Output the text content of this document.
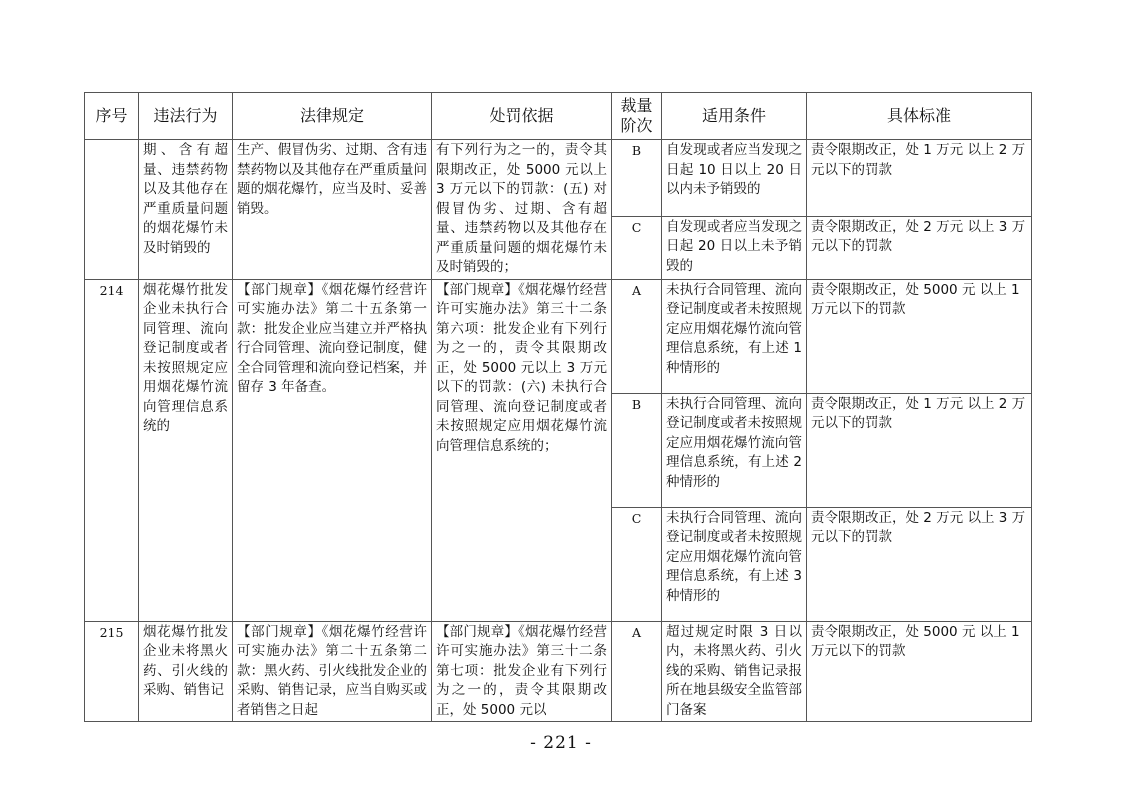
序号	违法行为	法律规定	处罚依据	裁量阶次	适用条件	具体标准
	期、含有超量、违禁药物以及其他存在严重质量问题的烟花爆竹未及时销毁的	生产、假冒伪劣、过期、含有违禁药物以及其他存在严重质量问题的烟花爆竹，应当及时、妥善销毁。	有下列行为之一的，责令其限期改正，处 5000 元以上 3 万元以下的罚款：(五) 对假冒伪劣、过期、含有超量、违禁药物以及其他存在严重质量问题的烟花爆竹未及时销毁的；	B	自发现或者应当发现之日起 10 日以上 20 日以内未予销毁的	责令限期改正，处 1 万元 以上 2 万元以下的罚款
				C	自发现或者应当发现之日起 20 日以上未予销毁的	责令限期改正，处 2 万元 以上 3 万元以下的罚款
214	烟花爆竹批发企业未执行合同管理、流向登记制度或者未按照规定应用烟花爆竹流向管理信息系统的	【部门规章】《烟花爆竹经营许可实施办法》第二十五条第一款：批发企业应当建立并严格执行合同管理、流向登记制度，健全合同管理和流向登记档案，并留存 3 年备查。	【部门规章】《烟花爆竹经营许可实施办法》第三十二条第六项：批发企业有下列行为之一的，责令其限期改正，处 5000 元以上 3 万元以下的罚款：(六) 未执行合同管理、流向登记制度或者未按照规定应用烟花爆竹流向管理信息系统的；	A	未执行合同管理、流向登记制度或者未按照规定应用烟花爆竹流向管理信息系统，有上述 1 种情形的	责令限期改正，处 5000 元 以上 1 万元以下的罚款
				B	未执行合同管理、流向登记制度或者未按照规定应用烟花爆竹流向管理信息系统，有上述 2 种情形的	责令限期改正，处 1 万元 以上 2 万元以下的罚款
				C	未执行合同管理、流向登记制度或者未按照规定应用烟花爆竹流向管理信息系统，有上述 3 种情形的	责令限期改正，处 2 万元 以上 3 万元以下的罚款
215	烟花爆竹批发企业未将黑火药、引火线的采购、销售记	【部门规章】《烟花爆竹经营许可实施办法》第二十五条第二款：黑火药、引火线批发企业的采购、销售记录，应当自购买或者销售之日起	【部门规章】《烟花爆竹经营许可实施办法》第三十二条第七项：批发企业有下列行为之一的，责令其限期改正，处 5000 元以	A	超过规定时限 3 日以内，未将黑火药、引火线的采购、销售记录报所在地县级安全监管部门备案	责令限期改正，处 5000 元 以上 1 万元以下的罚款
- 221 -
